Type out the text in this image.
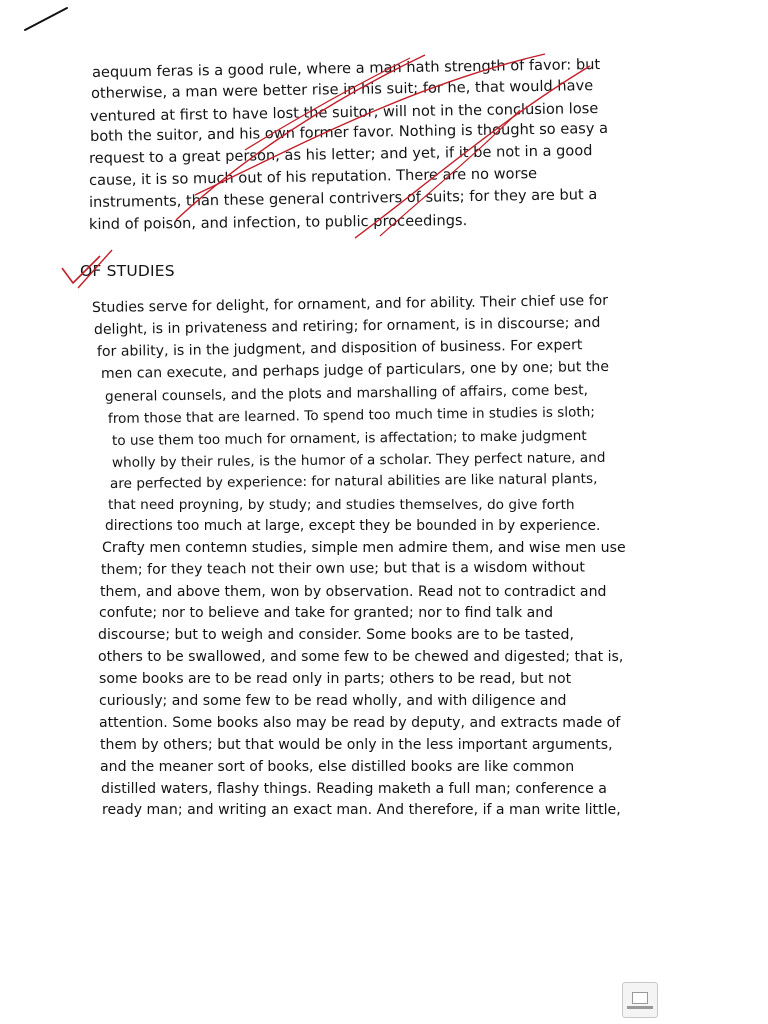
aequum feras is a good rule, where a man hath strength of favor: but
otherwise, a man were better rise in his suit; for he, that would have
ventured at first to have lost the suitor, will not in the conclusion lose
both the suitor, and his own former favor. Nothing is thought so easy a
request to a great person, as his letter; and yet, if it be not in a good
cause, it is so much out of his reputation. There are no worse
instruments, than these general contrivers of suits; for they are but a
kind of poison, and infection, to public proceedings.
OF STUDIES
Studies serve for delight, for ornament, and for ability. Their chief use for
delight, is in privateness and retiring; for ornament, is in discourse; and
for ability, is in the judgment, and disposition of business. For expert
men can execute, and perhaps judge of particulars, one by one; but the
general counsels, and the plots and marshalling of affairs, come best,
from those that are learned. To spend too much time in studies is sloth;
to use them too much for ornament, is affectation; to make judgment
wholly by their rules, is the humor of a scholar. They perfect nature, and
are perfected by experience: for natural abilities are like natural plants,
that need proyning, by study; and studies themselves, do give forth
directions too much at large, except they be bounded in by experience.
Crafty men contemn studies, simple men admire them, and wise men use
them; for they teach not their own use; but that is a wisdom without
them, and above them, won by observation. Read not to contradict and
confute; nor to believe and take for granted; nor to find talk and
discourse; but to weigh and consider. Some books are to be tasted,
others to be swallowed, and some few to be chewed and digested; that is,
some books are to be read only in parts; others to be read, but not
curiously; and some few to be read wholly, and with diligence and
attention. Some books also may be read by deputy, and extracts made of
them by others; but that would be only in the less important arguments,
and the meaner sort of books, else distilled books are like common
distilled waters, flashy things. Reading maketh a full man; conference a
ready man; and writing an exact man. And therefore, if a man write little,
